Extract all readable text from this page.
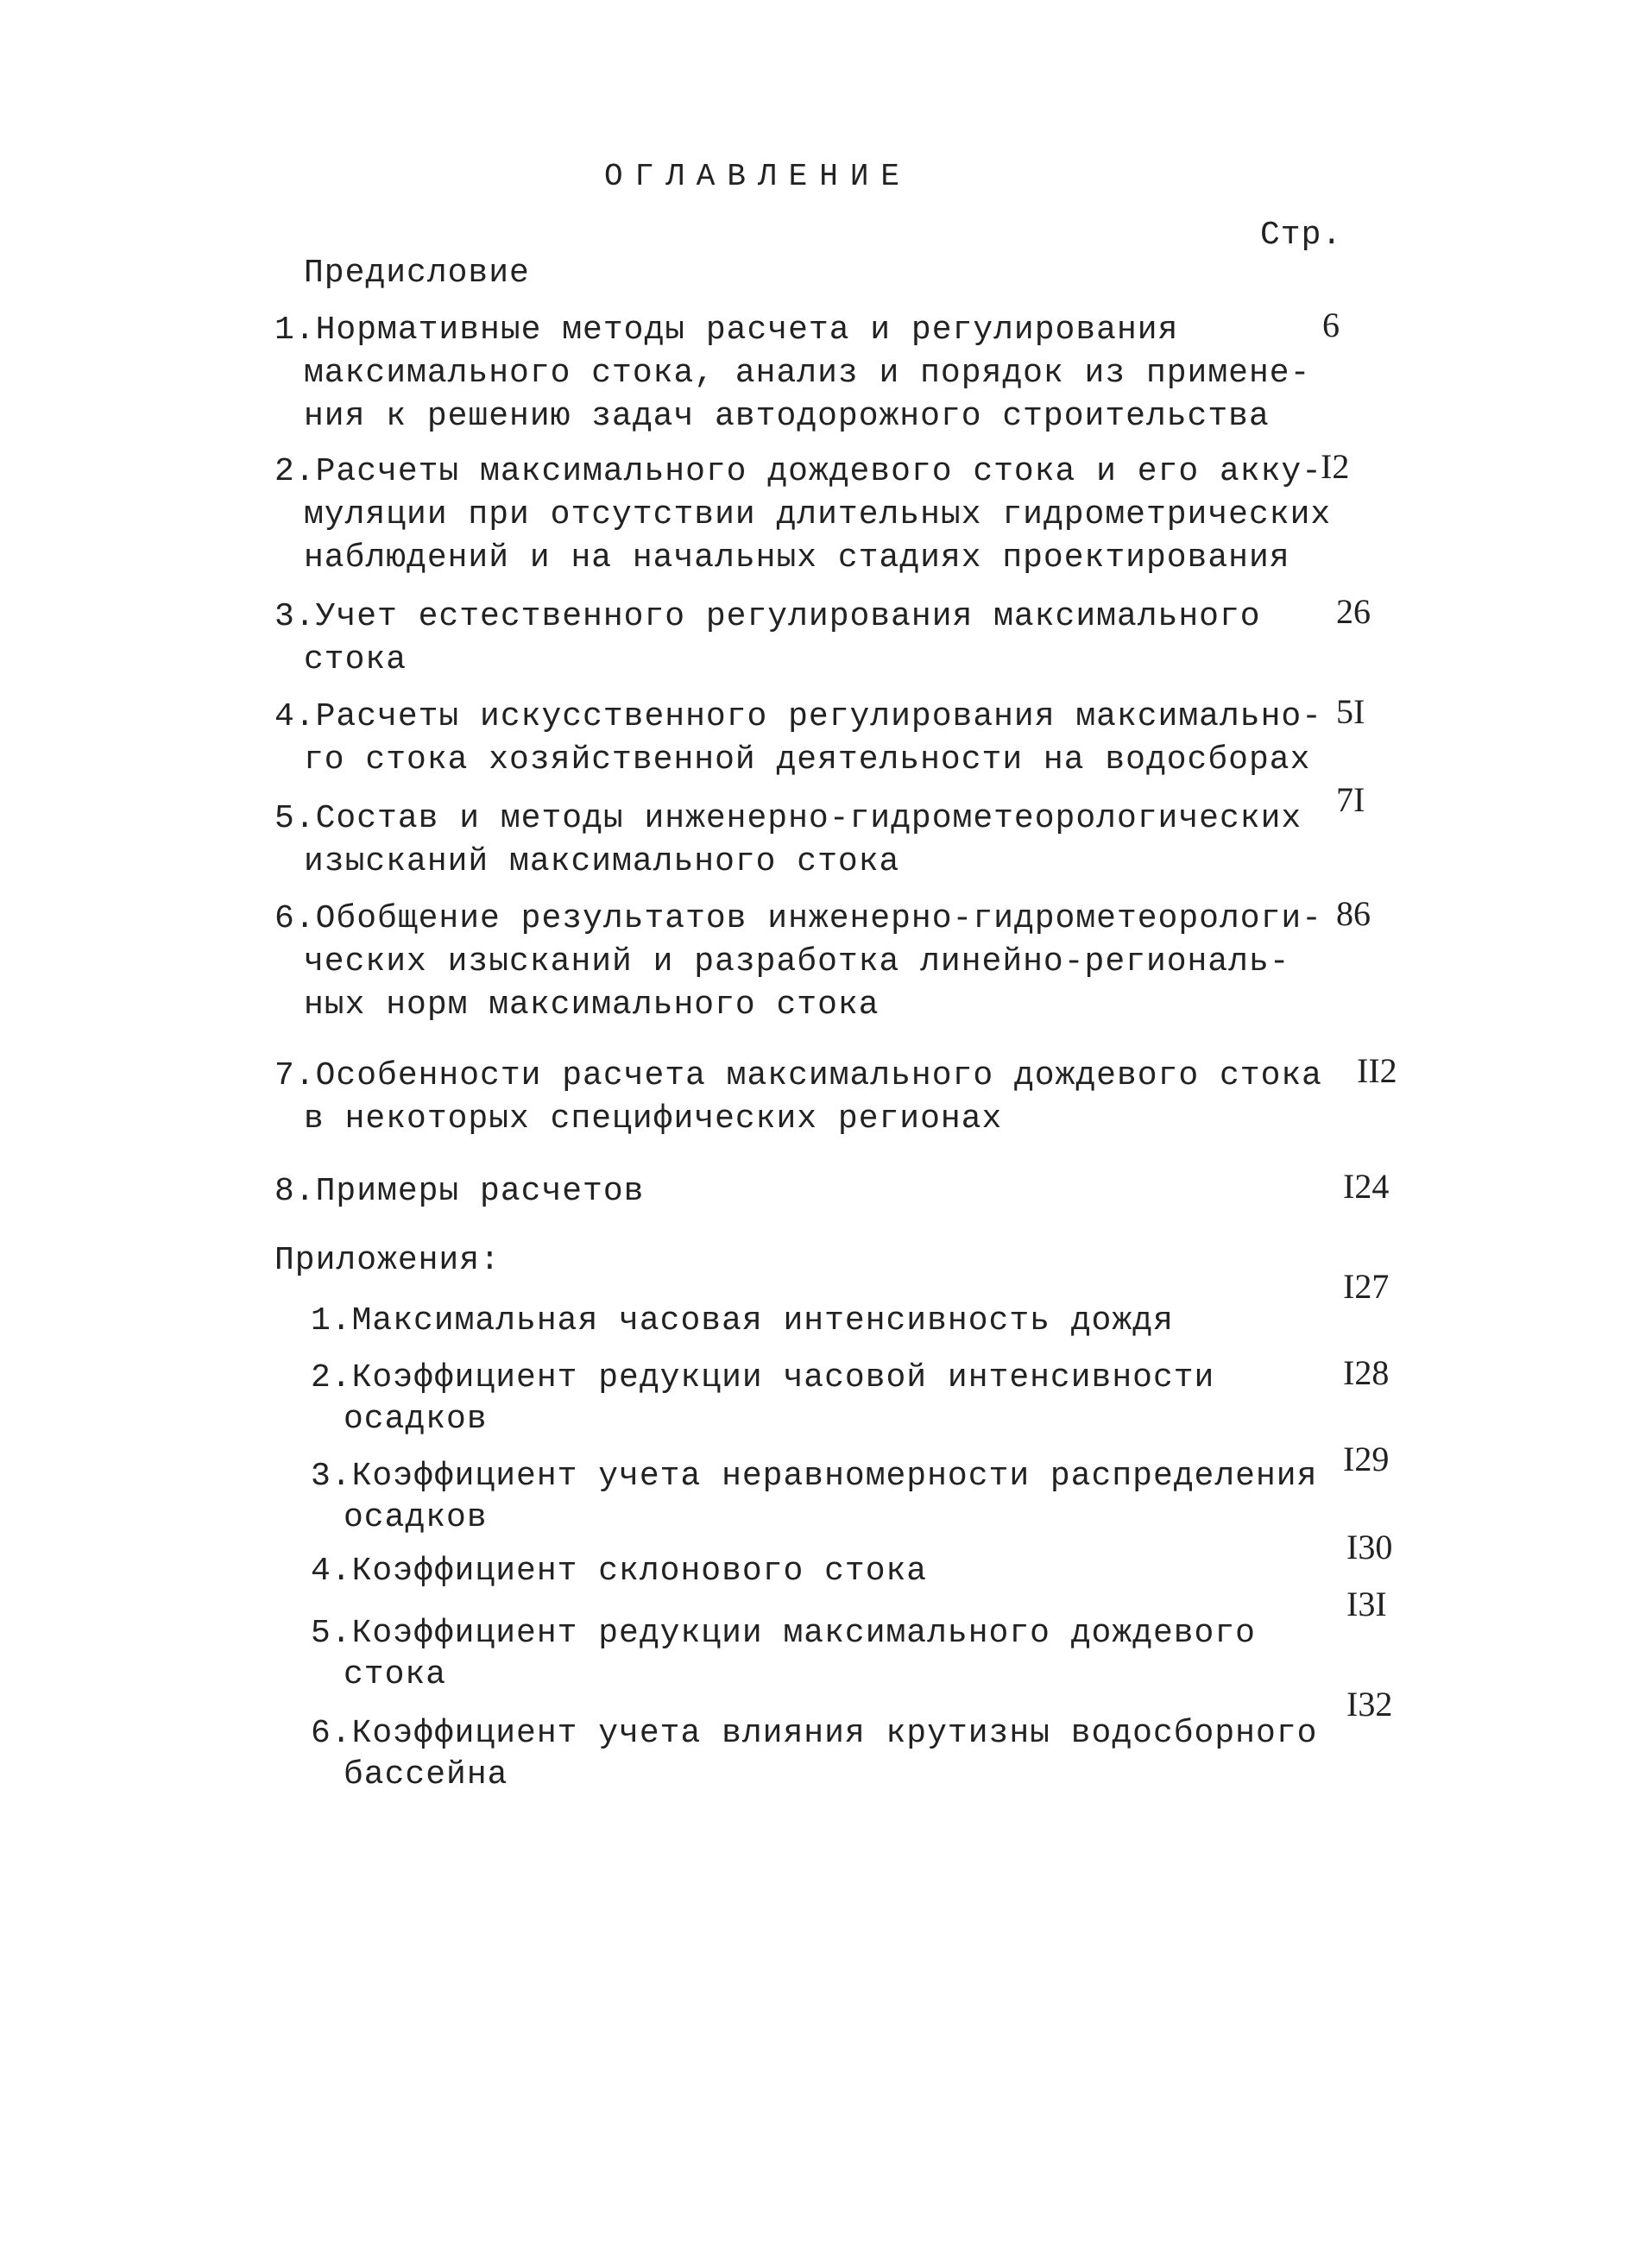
ОГЛАВЛЕНИЕ
Стр.
Предисловие
1.Нормативные методы расчета и регулирования
максимального стока, анализ и порядок из примене-
ния к решению задач автодорожного строительства
6
2.Расчеты максимального дождевого стока и его акку-
муляции при отсутствии длительных гидрометрических
наблюдений и на начальных стадиях проектирования
I2
3.Учет естественного регулирования максимального
стока
26
4.Расчеты искусственного регулирования максимально-
го стока хозяйственной деятельности на водосборах
5I
5.Состав и методы инженерно-гидрометеорологических
изысканий максимального стока
7I
6.Обобщение результатов инженерно-гидрометеорологи-
ческих изысканий и разработка линейно-региональ-
ных норм максимального стока
86
7.Особенности расчета максимального дождевого стока
в некоторых специфических регионах
II2
8.Примеры расчетов	I24
Приложения:
1.Максимальная часовая интенсивность дождя
I27
2.Коэффициент редукции часовой интенсивности
осадков
I28
3.Коэффициент учета неравномерности распределения
осадков
I29
4.Коэффициент склонового стока
I30
5.Коэффициент редукции максимального дождевого
стока
I3I
6.Коэффициент учета влияния крутизны водосборного
бассейна
I32
